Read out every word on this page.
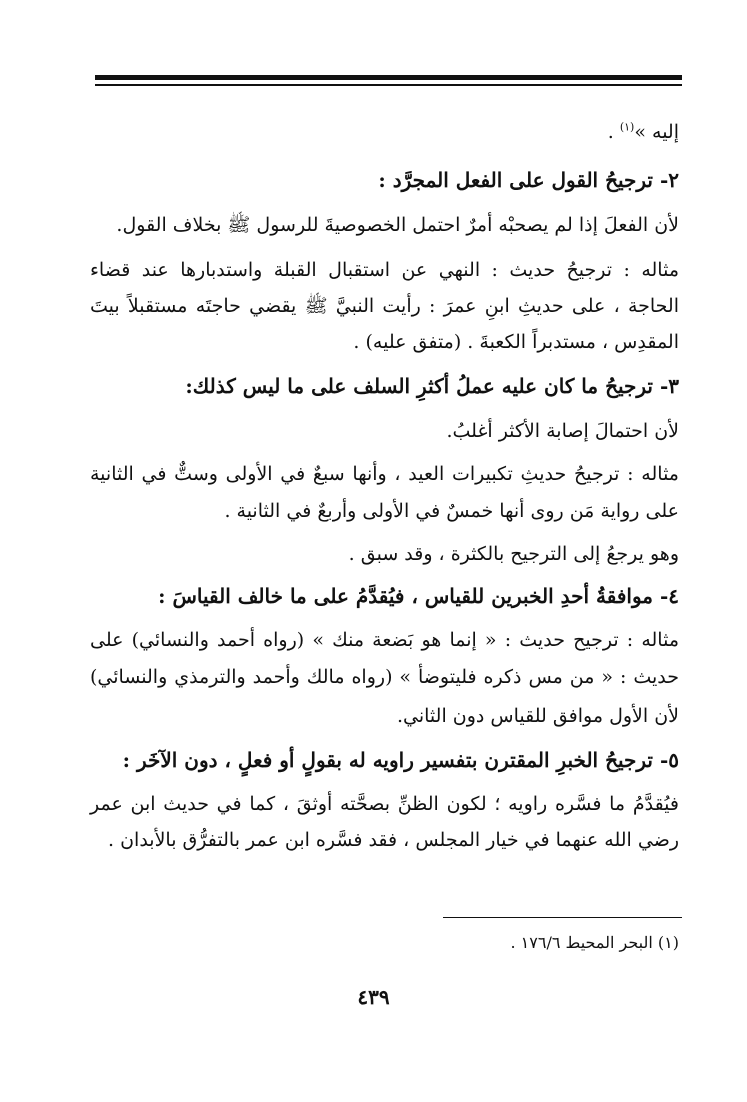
إليه »$^{(١)}$ .
٢- ترجيحُ القول على الفعل المجرَّد :
لأن الفعلَ إذا لم يصحبْه أمرٌ احتمل الخصوصيةَ للرسول ﷺ بخلاف القول.
مثاله : ترجيحُ حديث : النهي عن استقبال القبلة واستدبارها عند قضاء
الحاجة ، على حديثِ ابنِ عمرَ : رأيت النبيَّ ﷺ يقضي حاجتَه مستقبلاً بيتَ
المقدِس ، مستدبراً الكعبةَ . (متفق عليه) .
٣- ترجيحُ ما كان عليه عملُ أكثرِ السلف على ما ليس كذلك:
لأن احتمالَ إصابة الأكثر أغلبُ.
مثاله : ترجيحُ حديثِ تكبيرات العيد ، وأنها سبعٌ في الأولى وستٌّ في الثانية
على رواية مَن روى أنها خمسٌ في الأولى وأربعٌ في الثانية .
وهو يرجعُ إلى الترجيح بالكثرة ، وقد سبق .
٤- موافقةُ أحدِ الخبرين للقياس ، فيُقدَّمُ على ما خالف القياسَ :
مثاله : ترجيح حديث : « إنما هو بَضعة منك » (رواه أحمد والنسائي) على
حديث : « من مس ذكره فليتوضأ » (رواه مالك وأحمد والترمذي والنسائي)
لأن الأول موافق للقياس دون الثاني.
٥- ترجيحُ الخبرِ المقترن بتفسير راويه له بقولٍ أو فعلٍ ، دون الآخَر :
فيُقدَّمُ ما فسَّره راويه ؛ لكون الظنِّ بصحَّته أوثقَ ، كما في حديث ابن عمر
رضي الله عنهما في خيار المجلس ، فقد فسَّره ابن عمر بالتفرُّق بالأبدان .
(١) البحر المحيط ١٧٦/٦ .
٤٣٩
